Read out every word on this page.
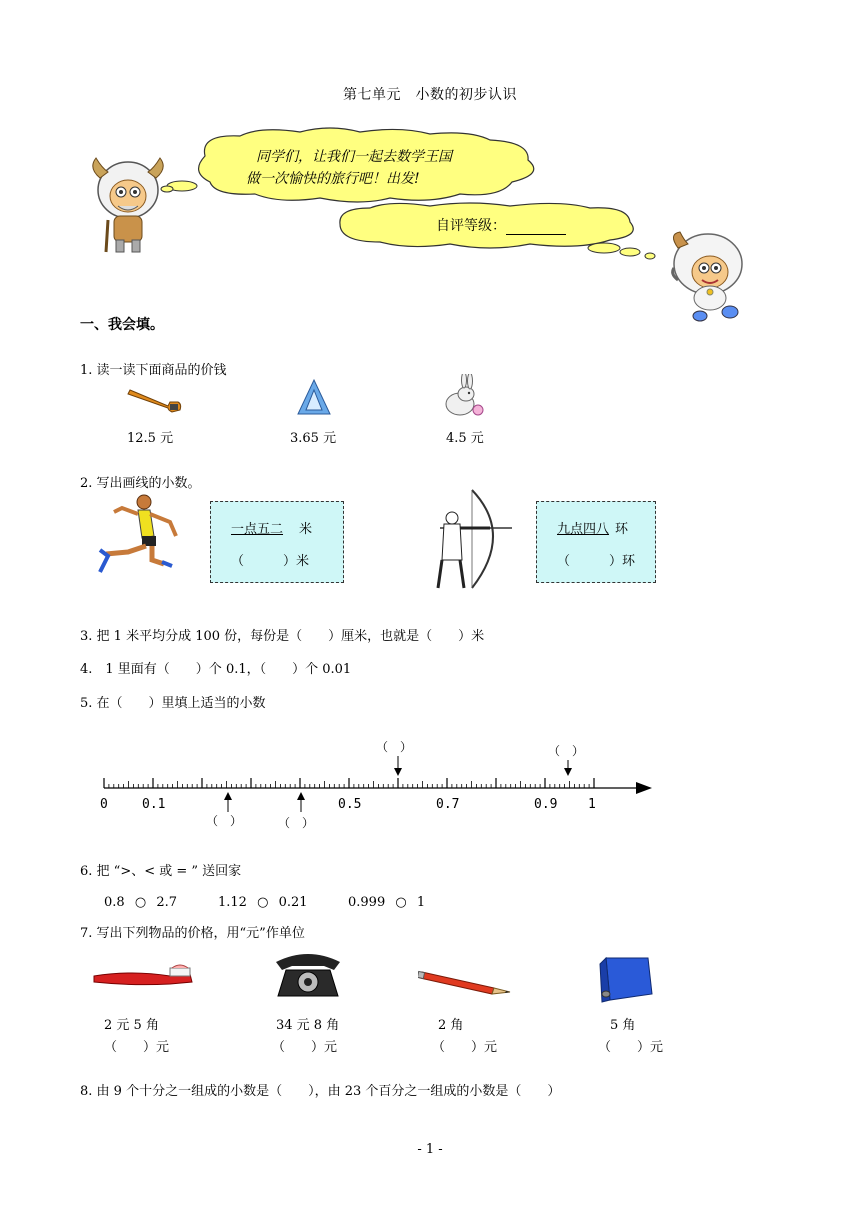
第七单元　小数的初步认识
同学们，让我们一起去数学王国
做一次愉快的旅行吧！出发!
自评等级：
一、我会填。
1. 读一读下面商品的价钱
12.5 元	3.65 元	4.5 元
2. 写出画线的小数。
一点五二 米
（　　　）米
九点四八 环
（　　　）环
3. 把 1 米平均分成 100 份，每份是（　　）厘米，也就是（　　）米
4.　1 里面有（　　）个 0.1，（　　）个 0.01
5. 在（　　）里填上适当的小数
0	0.1	0.5	0.7	0.9 1
（　）	（　）
（　）	（　）
6. 把 “>、< 或 = ” 送回家
0.8 ○ 2.7	1.12 ○ 0.21	0.999 ○ 1
7. 写出下列物品的价格，用“元”作单位
2 元 5 角	34 元 8 角	2 角	5 角
（　　）元	（　　）元	（　　）元	（　　）元
8. 由 9 个十分之一组成的小数是（　　），由 23 个百分之一组成的小数是（　　）
- 1 -
